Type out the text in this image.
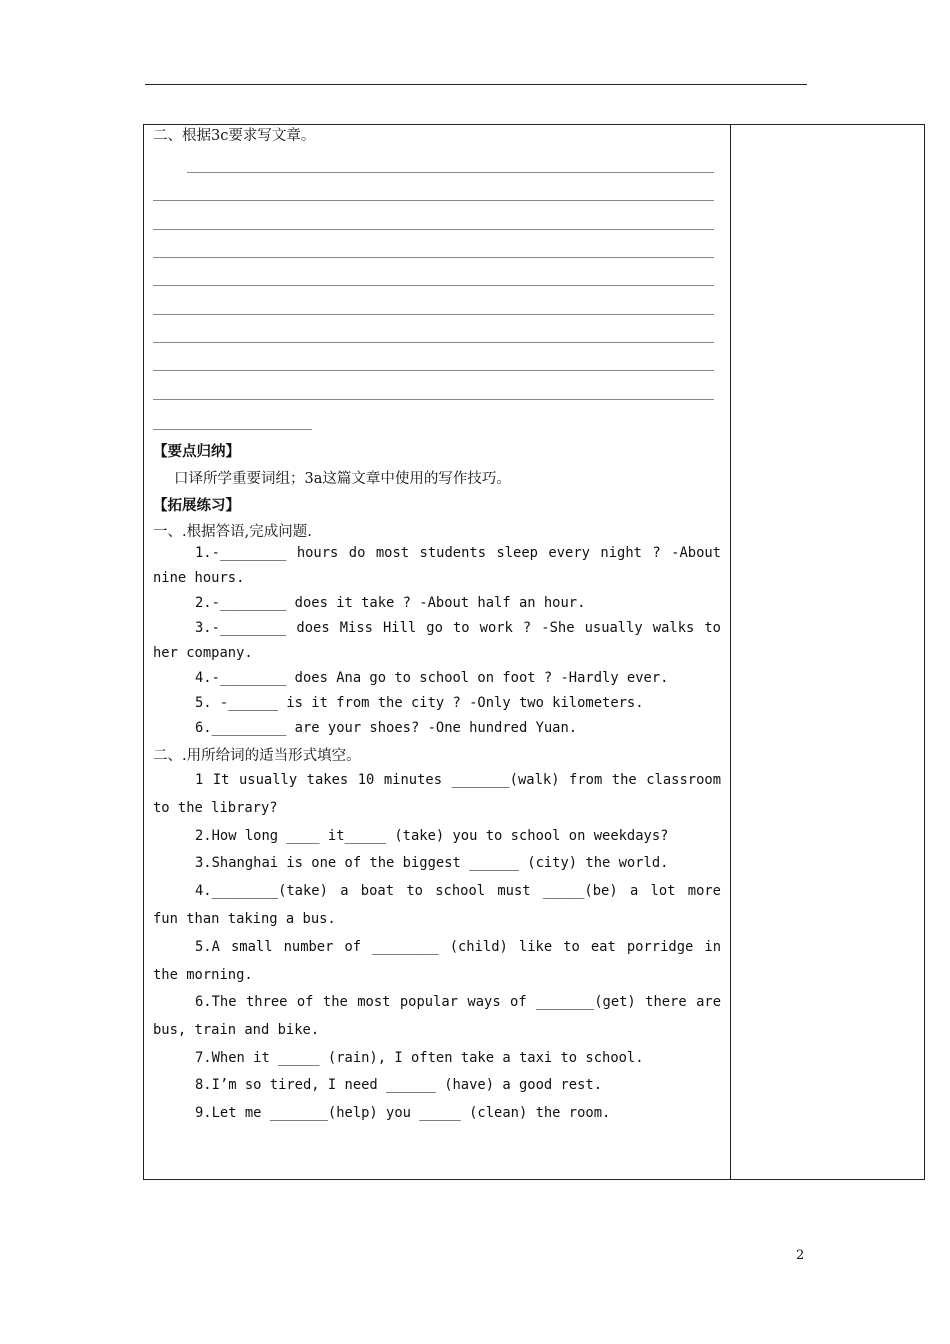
二、根据3c要求写文章。
【要点归纳】
口译所学重要词组；3a这篇文章中使用的写作技巧。
【拓展练习】
一、.根据答语,完成问题.
1.-________ hours do most students sleep every night ? -About
nine hours.
2.-________ does it take ? -About half an hour.
3.-________ does Miss Hill go to work ? -She usually walks to
her company.
4.-________ does Ana go to school on foot ? -Hardly ever.
5. -______ is it from the city ? -Only two kilometers.
6._________ are your shoes? -One hundred Yuan.
二、.用所给词的适当形式填空。
1 It usually takes 10 minutes _______(walk) from the classroom
to the library?
2.How long ____ it_____ (take) you to school on weekdays?
3.Shanghai is one of the biggest ______ (city) the world.
4.________(take) a boat to school must _____(be) a lot more
fun than taking a bus.
5.A small number of ________ (child) like to eat porridge in
the morning.
6.The three of the most popular ways of _______(get) there are
bus, train and bike.
7.When it _____ (rain), I often take a taxi to school.
8.I’m so tired, I need ______ (have) a good rest.
9.Let me _______(help) you _____ (clean) the room.
2
